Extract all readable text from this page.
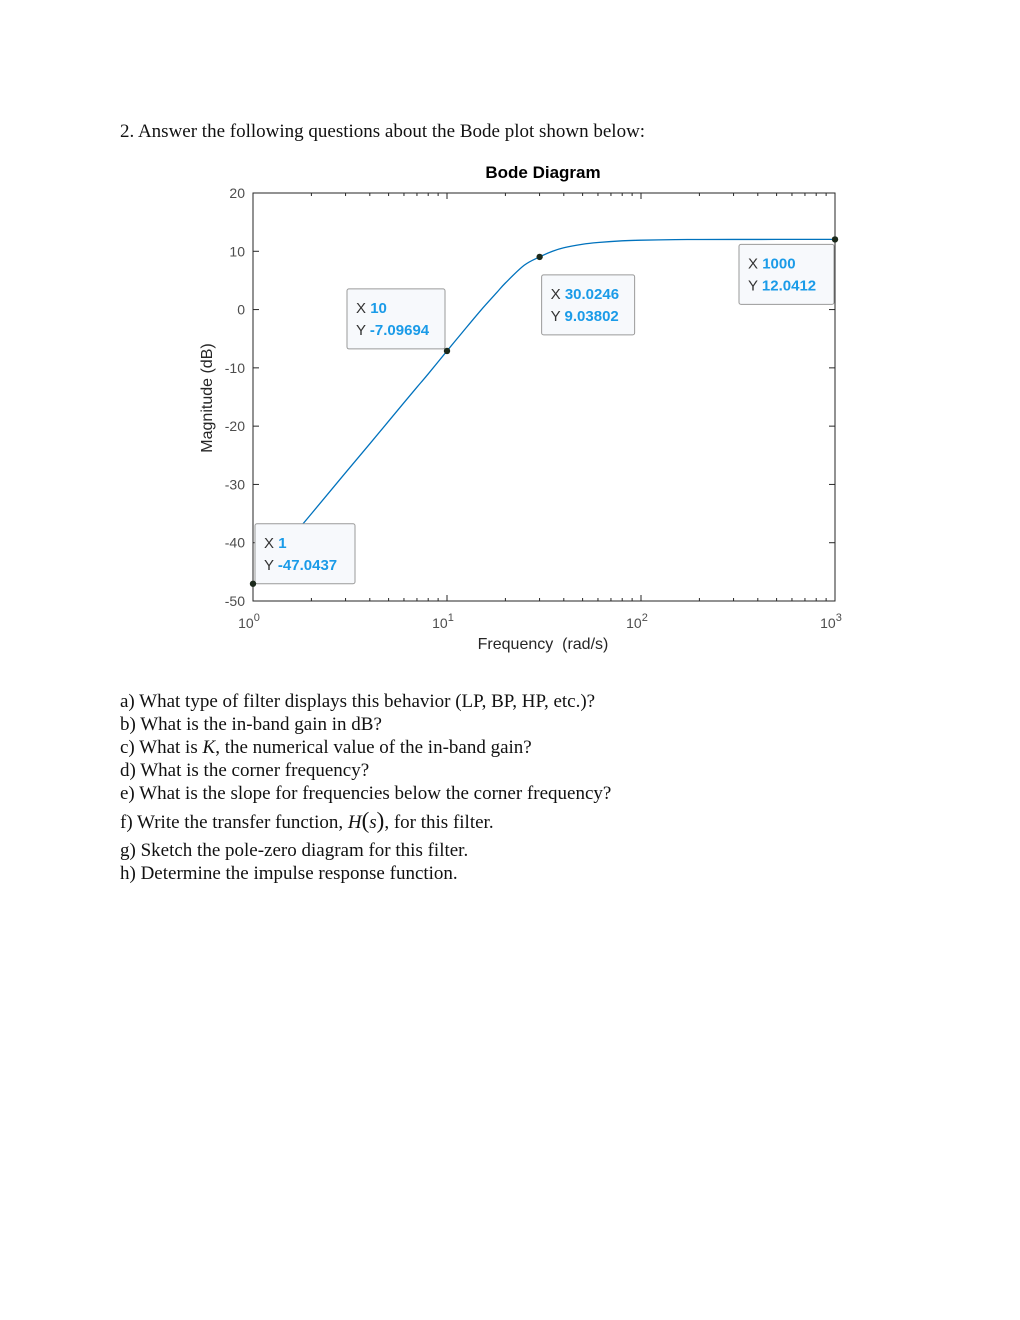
2. Answer the following questions about the Bode plot shown below:

Bode Diagram
-50
-40
-30
-20
-10
0
10
20
$10^0$	$10^1$	$10^2$	$10^3$
Magnitude (dB)
Frequency  (rad/s)
X 1
Y -47.0437
X 10
Y -7.09694
X 30.0246
Y 9.03802
X 1000
Y 12.0412
a) What type of filter displays this behavior (LP, BP, HP, etc.)?
b) What is the in-band gain in dB?
c) What is K, the numerical value of the in-band gain?
d) What is the corner frequency?
e) What is the slope for frequencies below the corner frequency?
f) Write the transfer function, H(s), for this filter.
g) Sketch the pole-zero diagram for this filter.
h) Determine the impulse response function.
